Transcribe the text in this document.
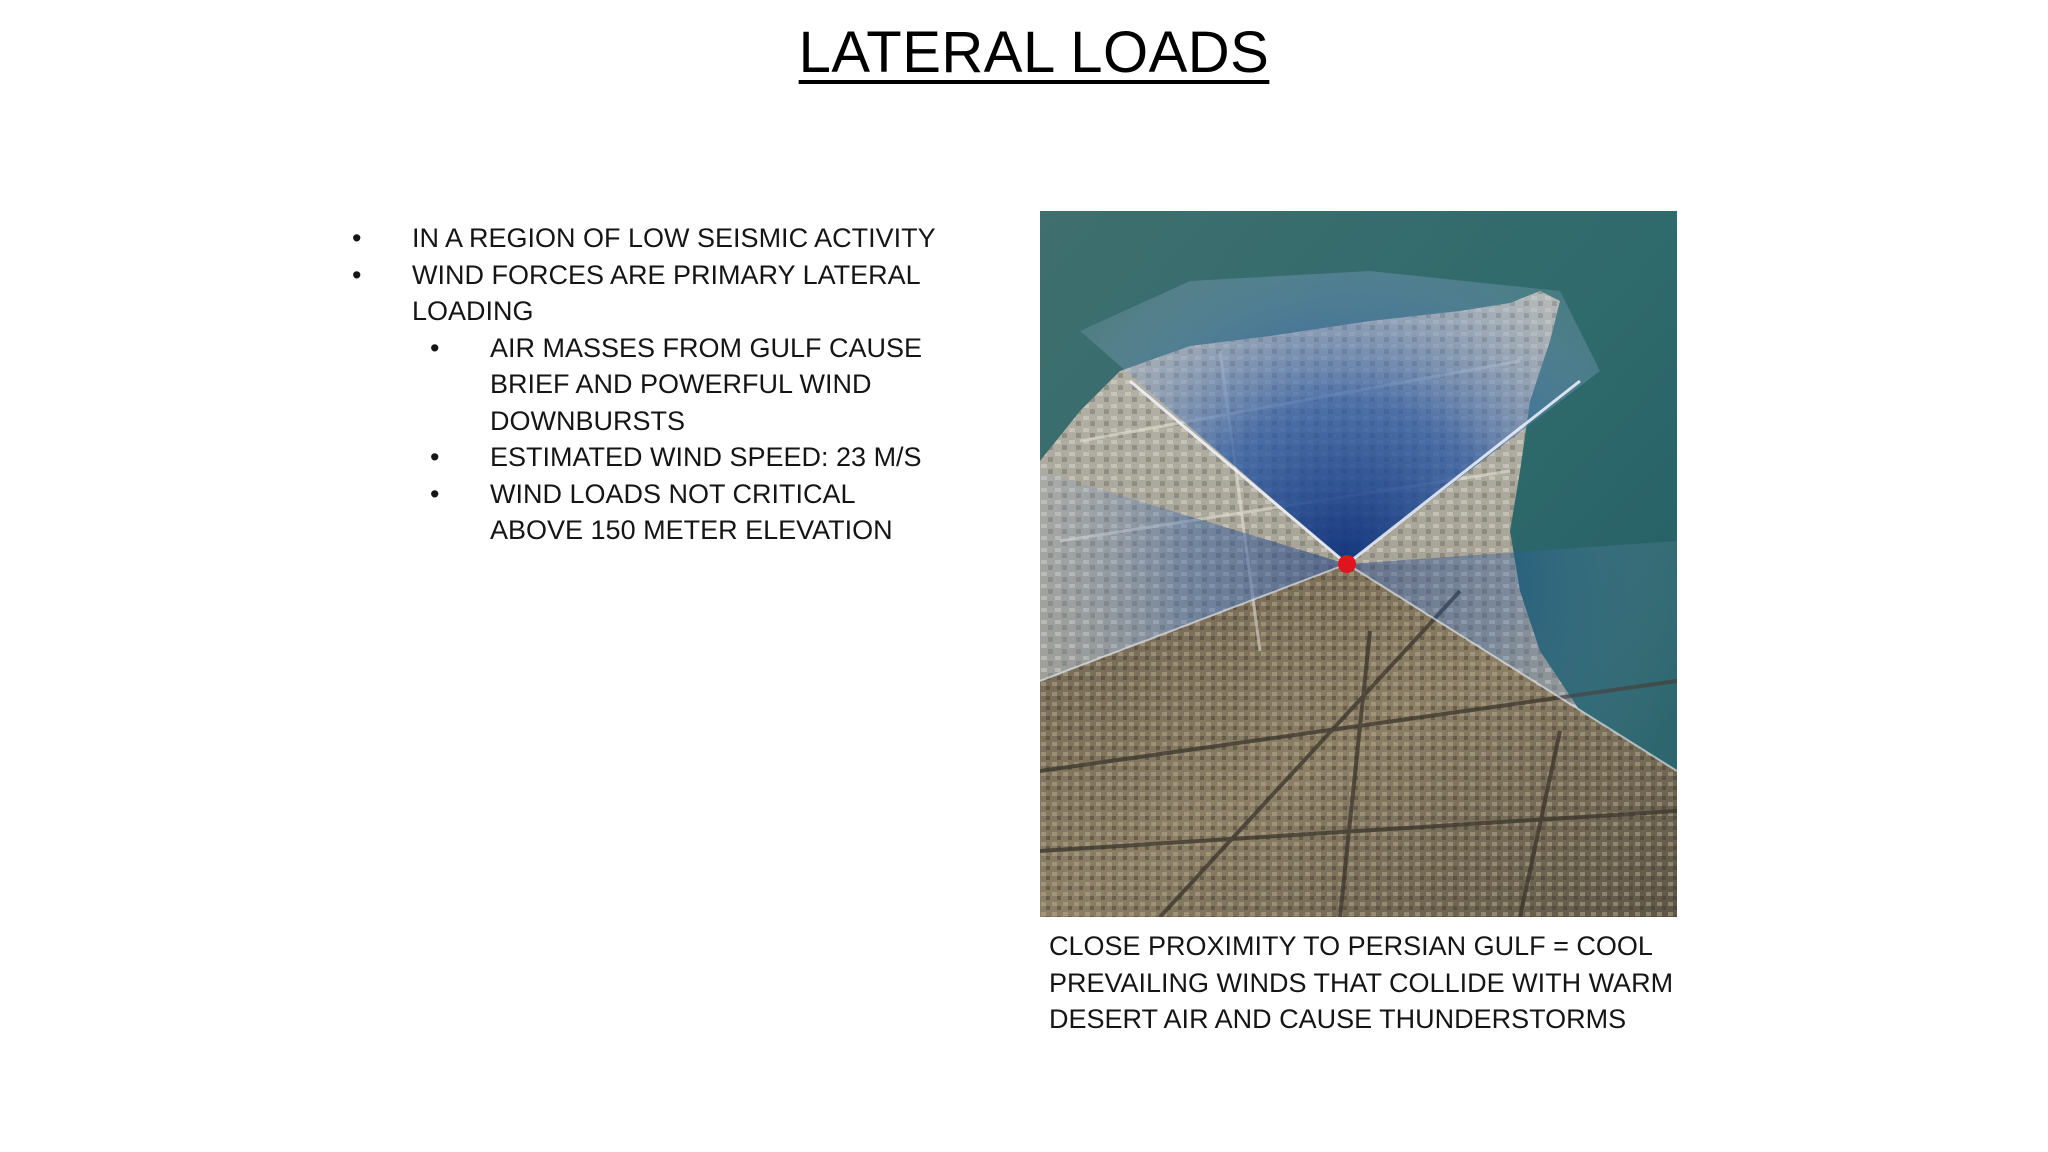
LATERAL LOADS
• IN A REGION OF LOW SEISMIC ACTIVITY
• WIND FORCES ARE PRIMARY LATERAL LOADING
• AIR MASSES FROM GULF CAUSE BRIEF AND POWERFUL WIND DOWNBURSTS
• ESTIMATED WIND SPEED: 23 M/S
• WIND LOADS NOT CRITICAL ABOVE 150 METER ELEVATION
CLOSE PROXIMITY TO PERSIAN GULF = COOL PREVAILING WINDS THAT COLLIDE WITH WARM DESERT AIR AND CAUSE THUNDERSTORMS
